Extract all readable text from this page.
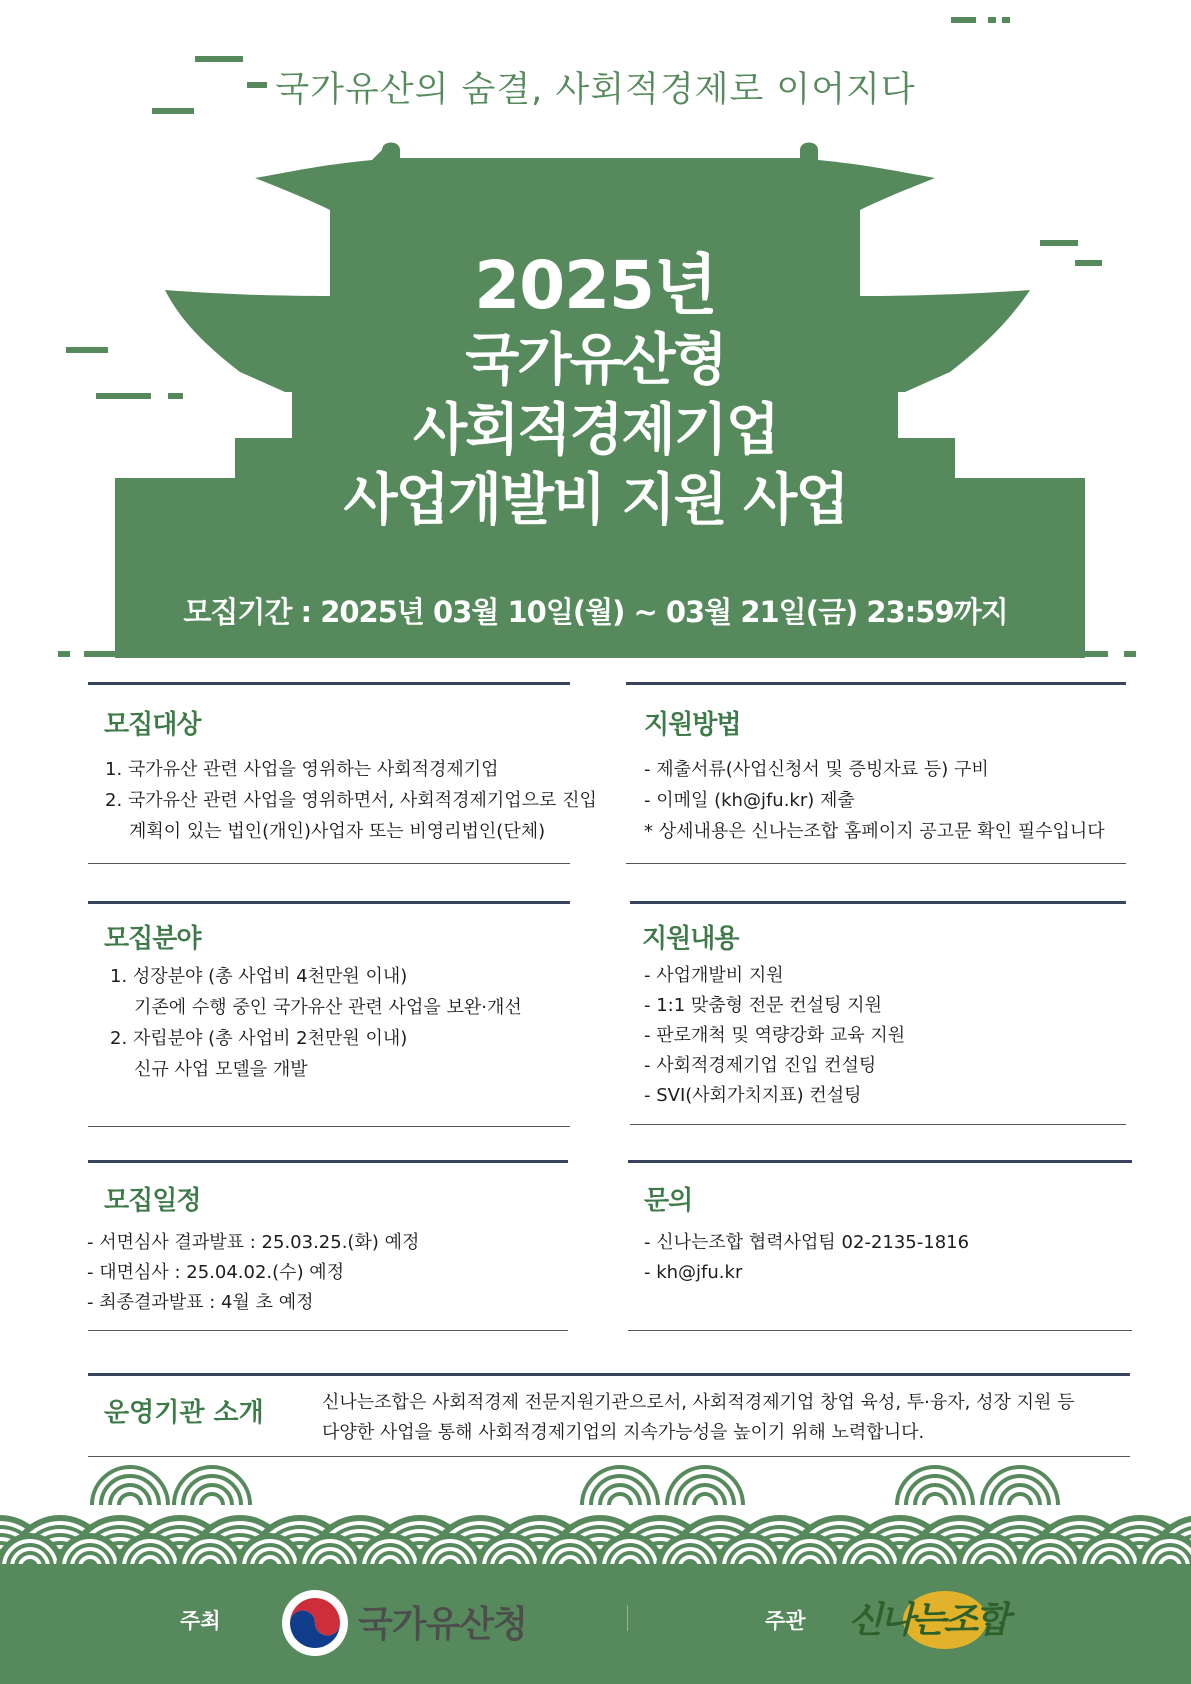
국가유산의 숨결, 사회적경제로 이어지다
2025년
국가유산형
사회적경제기업
사업개발비 지원 사업
모집기간 : 2025년 03월 10일(월) ~ 03월 21일(금) 23:59까지
모집대상
1. 국가유산 관련 사업을 영위하는 사회적경제기업
2. 국가유산 관련 사업을 영위하면서, 사회적경제기업으로 진입
계획이 있는 법인(개인)사업자 또는 비영리법인(단체)
지원방법
- 제출서류(사업신청서 및 증빙자료 등) 구비
- 이메일 (kh@jfu.kr) 제출
* 상세내용은 신나는조합 홈페이지 공고문 확인 필수입니다
모집분야
1. 성장분야 (총 사업비 4천만원 이내)
기존에 수행 중인 국가유산 관련 사업을 보완·개선
2. 자립분야 (총 사업비 2천만원 이내)
신규 사업 모델을 개발
지원내용
- 사업개발비 지원
- 1:1 맞춤형 전문 컨설팅 지원
- 판로개척 및 역량강화 교육 지원
- 사회적경제기업 진입 컨설팅
- SVI(사회가치지표) 컨설팅
모집일정
- 서면심사 결과발표 : 25.03.25.(화) 예정
- 대면심사 : 25.04.02.(수) 예정
- 최종결과발표 : 4월 초 예정
문의
- 신나는조합 협력사업팀 02-2135-1816
- kh@jfu.kr
운영기관 소개	신나는조합은 사회적경제 전문지원기관으로서, 사회적경제기업 창업 육성, 투·융자, 성장 지원 등
다양한 사업을 통해 사회적경제기업의 지속가능성을 높이기 위해 노력합니다.
주최	국가유산청	주관 신나는조합
